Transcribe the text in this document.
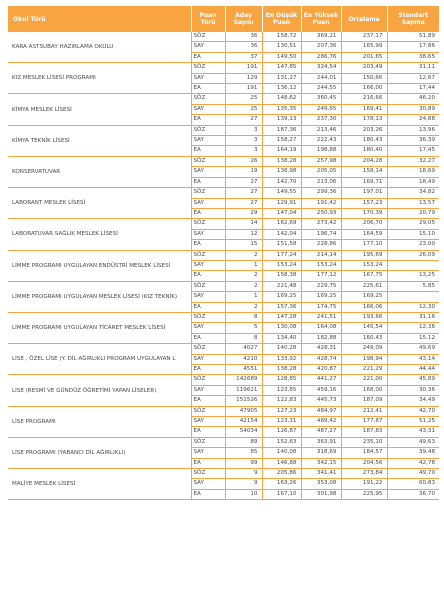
Okul Türü	Puan Türü	Aday Sayısı	En Düşük Puan	En Yüksek Puan	Ortalama	Standart Sapma
KARA ASTSUBAY HAZIRLAMA OKULU	SÖZ	36	158,72	369,21	237,17	51,89
	SAY	36	130,51	207,36	165,99	17,86
	EA	37	149,50	286,76	201,65	38,65
KIZ MESLEK LİSESİ PROGRAMI	SÖZ	191	147,85	324,54	203,49	31,11
	SAY	129	131,27	244,01	150,66	12,67
	EA	191	136,12	244,55	166,00	17,44
KİMYA MESLEK LİSESİ	SÖZ	25	148,62	360,45	216,66	46,20
	SAY	25	135,35	249,65	169,41	30,89
	EA	27	139,13	237,30	178,13	24,88
KİMYA TEKNİK LİSESİ	SÖZ	3	187,36	213,46	203,26	13,96
	SAY	3	158,27	222,43	180,43	36,39
	EA	3	164,19	198,88	180,40	17,45
KONSERVATUVAR	SÖZ	26	138,28	257,98	204,28	32,27
	SAY	19	138,98	205,05	158,14	18,69
	EA	27	142,70	213,06	169,71	18,49
LABORANT MESLEK LİSESİ	SÖZ	27	149,55	299,36	197,01	34,82
	SAY	27	129,91	191,42	157,23	13,57
	EA	29	147,04	250,93	170,39	20,79
LABORATUVAR SAĞLIK MESLEK LİSESİ	SÖZ	14	162,69	273,42	206,70	29,05
	SAY	12	142,04	196,74	164,59	15,10
	EA	15	151,58	228,86	177,10	23,00
LİMME PROGRAMI UYGULAYAN ENDÜSTRİ MESLEK LİSESİ	SÖZ	2	177,24	214,14	195,69	26,09
	SAY	1	153,24	153,24	153,24	
	EA	2	158,38	177,12	167,75	13,25
LİMME PROGRAMI UYGULAYAN MESLEK LİSESİ (KIZ TEKNİK)	SÖZ	2	221,48	229,75	225,61	5,85
	SAY	1	169,25	169,25	169,25	
	EA	2	157,36	174,75	166,06	12,30
LİMME PROGRAMI UYGULAYAN TİCARET MESLEK LİSESİ	SÖZ	8	147,28	241,51	193,66	31,16
	SAY	5	130,08	164,08	145,54	12,36
	EA	8	134,40	182,88	160,43	15,12
LİSE , ÖZEL LİSE (Y. DİL AĞIRLIKLI PROGRAM UYGULAYAN L	SÖZ	4027	140,28	428,31	249,09	49,69
	SAY	4210	133,92	428,74	198,94	43,14
	EA	4551	138,28	420,87	221,29	44,44
LİSE (RESMİ VE GÜNDÜZ ÖĞRETİMİ YAPAN LİSELER)	SÖZ	142689	128,85	441,27	221,00	45,89
	SAY	119621	123,85	459,16	168,00	30,36
	EA	151526	122,83	445,73	187,09	34,49
LİSE PROGRAMI	SÖZ	47905	127,23	484,97	212,41	42,70
	SAY	42154	123,31	489,42	177,87	51,25
	EA	54034	126,87	487,27	187,83	43,31
LİSE PROGRAMI (YABANCI DİL AĞIRLIKLI)	SÖZ	89	152,63	363,91	235,10	49,63
	SAY	85	140,08	318,69	184,57	39,48
	EA	99	146,88	342,15	204,56	42,78
MALİYE MESLEK LİSESİ	SÖZ	9	205,86	341,41	273,84	49,70
	SAY	9	163,26	353,08	191,22	60,83
	EA	10	167,10	301,98	225,95	36,70
